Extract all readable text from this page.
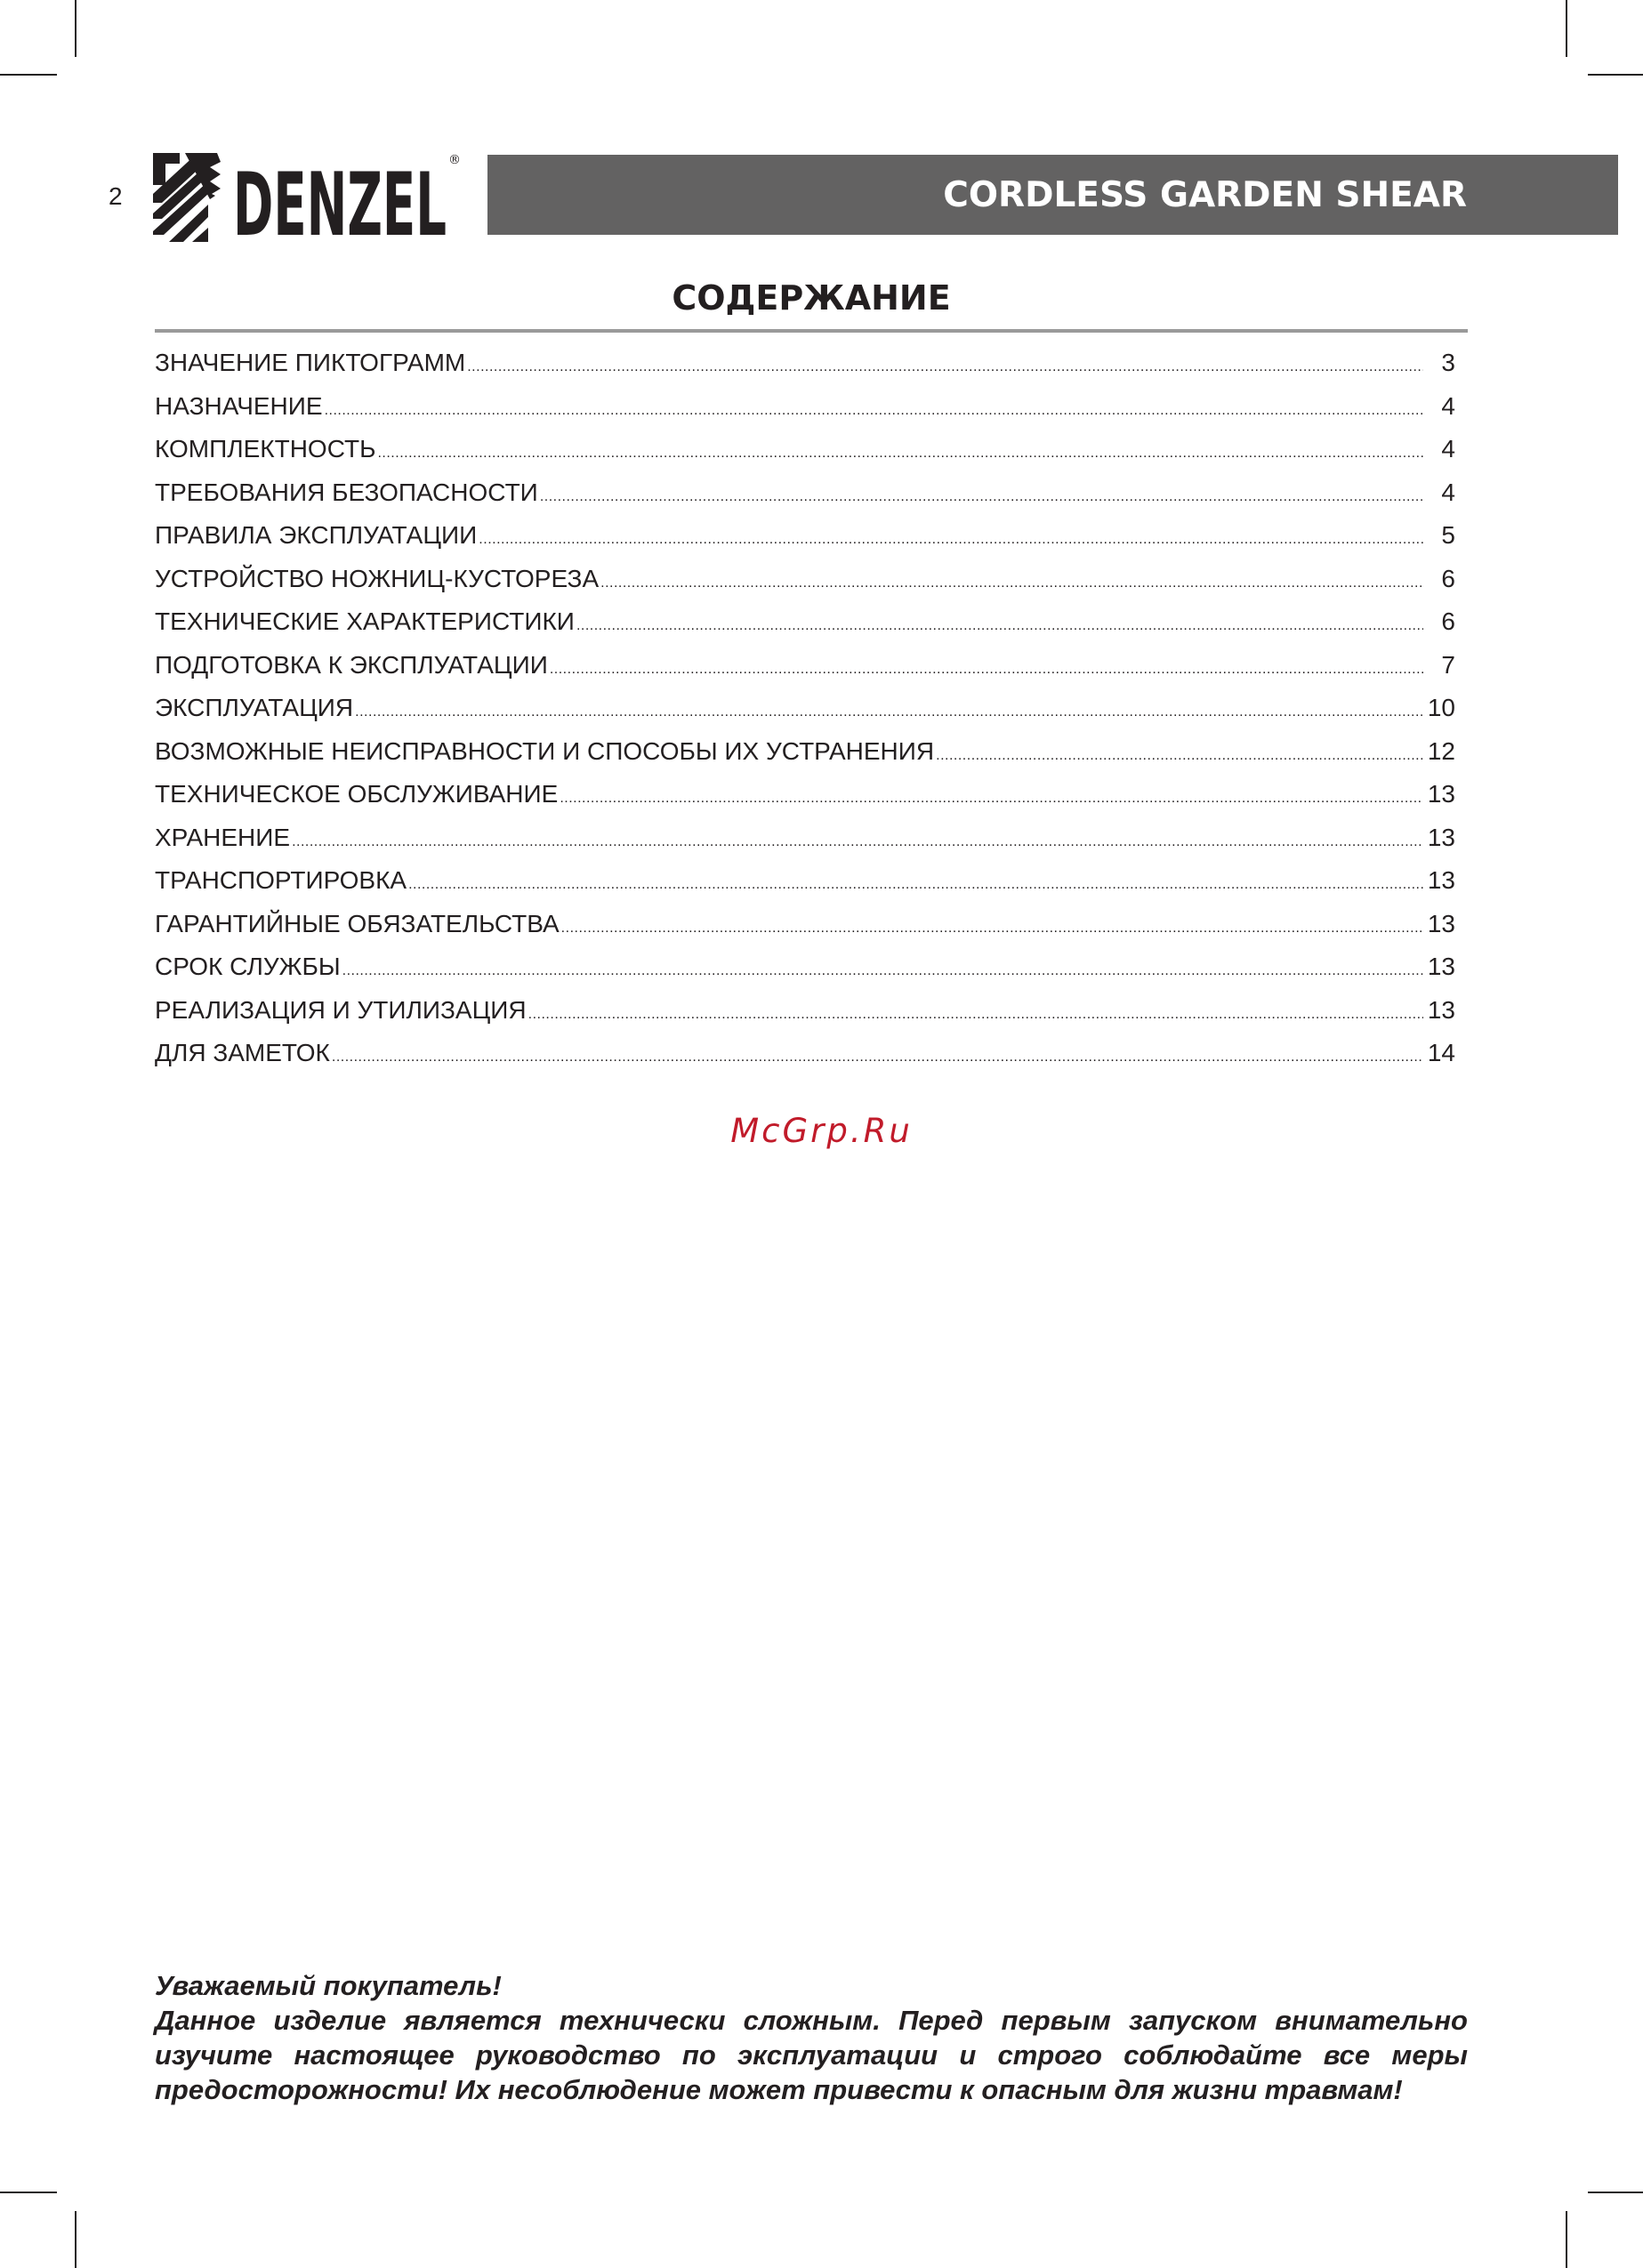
2 DENZEL ®
CORDLESS GARDEN SHEAR
СОДЕРЖАНИЕ
ЗНАЧЕНИЕ ПИКТОГРАММ .....	3
НАЗНАЧЕНИЕ .....	4
КОМПЛЕКТНОСТЬ .....	4
ТРЕБОВАНИЯ БЕЗОПАСНОСТИ .....	4
ПРАВИЛА ЭКСПЛУАТАЦИИ .....	5
УСТРОЙСТВО НОЖНИЦ-КУСТОРЕЗА .....	6
ТЕХНИЧЕСКИЕ ХАРАКТЕРИСТИКИ .....	6
ПОДГОТОВКА К ЭКСПЛУАТАЦИИ .....	7
ЭКСПЛУАТАЦИЯ .....	10
ВОЗМОЖНЫЕ НЕИСПРАВНОСТИ И СПОСОБЫ ИХ УСТРАНЕНИЯ .....	12
ТЕХНИЧЕСКОЕ ОБСЛУЖИВАНИЕ .....	13
ХРАНЕНИЕ .....	13
ТРАНСПОРТИРОВКА .....	13
ГАРАНТИЙНЫЕ ОБЯЗАТЕЛЬСТВА .....	13
СРОК СЛУЖБЫ .....	13
РЕАЛИЗАЦИЯ И УТИЛИЗАЦИЯ .....	13
ДЛЯ ЗАМЕТОК .....	14
McGrp.Ru

Уважаемый покупатель!

Данное изделие является технически сложным. Перед первым запуском внимательно изучите настоящее руководство по эксплуатации и строго соблюдайте все меры предосторожности! Их несоблюдение может привести к опасным для жизни травмам!
